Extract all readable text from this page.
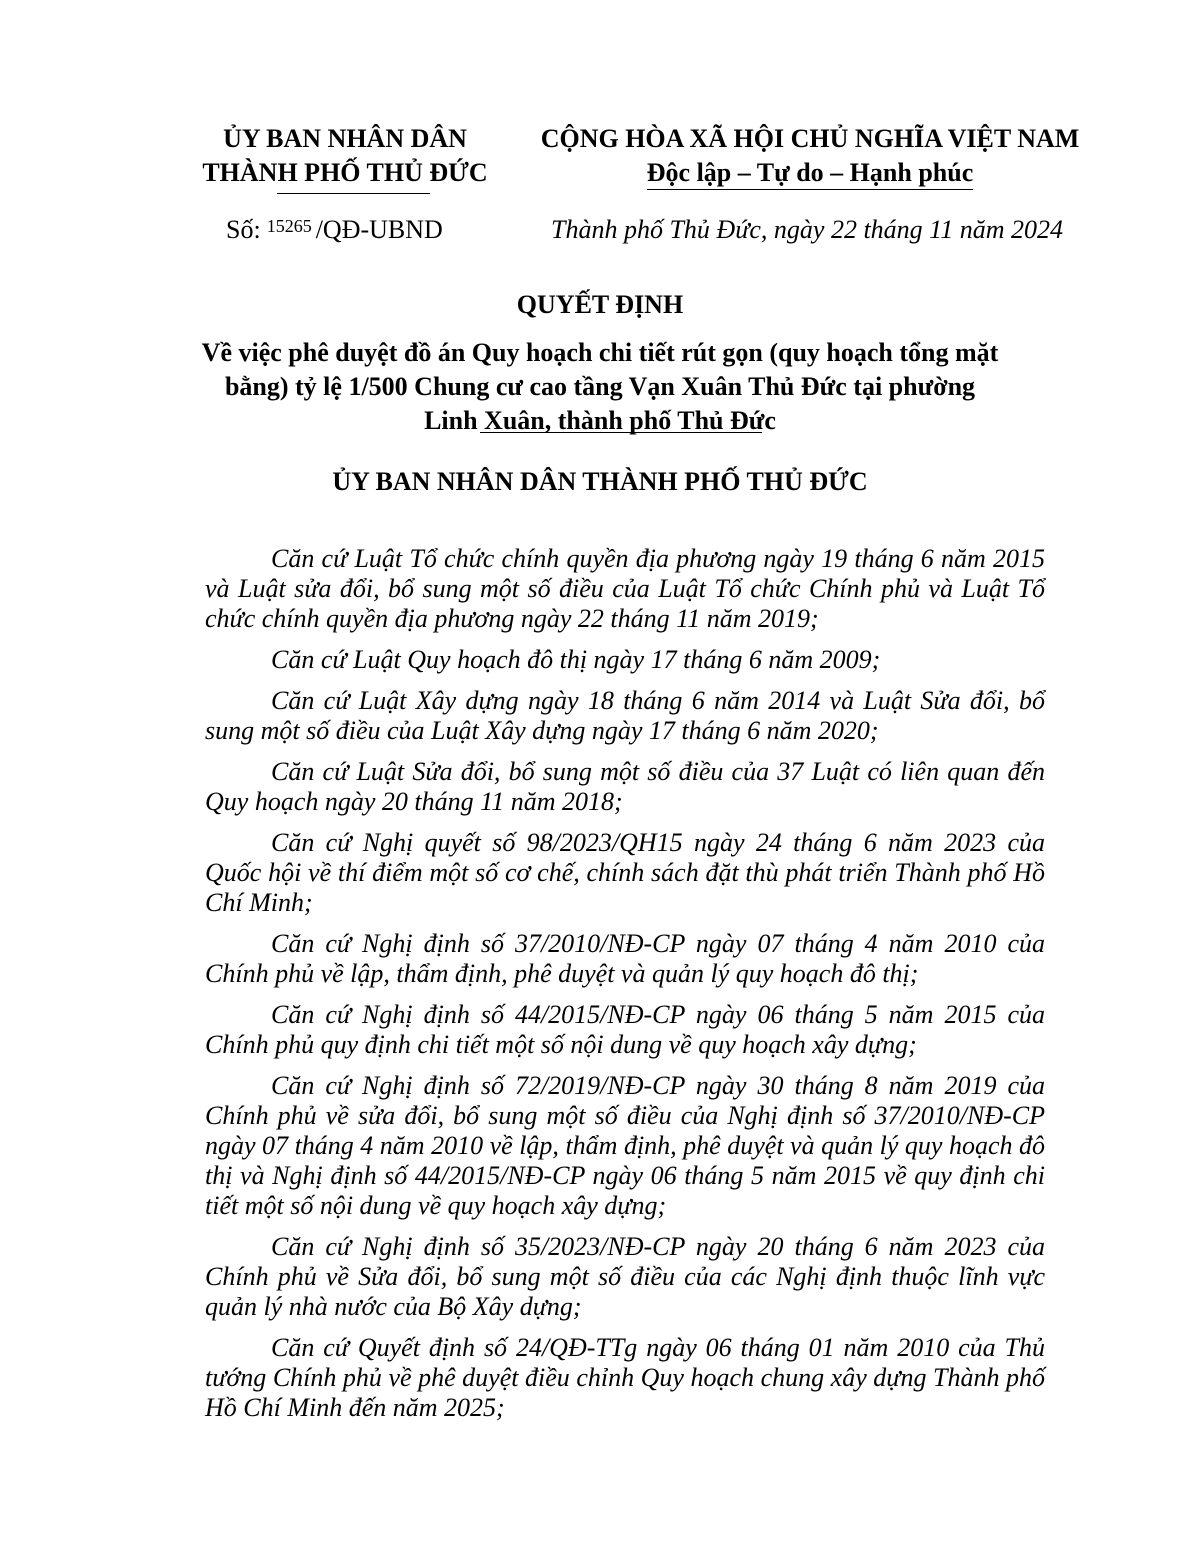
ỦY BAN NHÂN DÂN
THÀNH PHỐ THỦ ĐỨC
CỘNG HÒA XÃ HỘI CHỦ NGHĨA VIỆT NAM
Độc lập – Tự do – Hạnh phúc
Số: $^{15265}$ /QĐ-UBND	Thành phố Thủ Đức, ngày 22 tháng 11 năm 2024
QUYẾT ĐỊNH
Về việc phê duyệt đồ án Quy hoạch chi tiết rút gọn (quy hoạch tổng mặt
bằng) tỷ lệ 1/500 Chung cư cao tầng Vạn Xuân Thủ Đức tại phường
Linh Xuân, thành phố Thủ Đức
ỦY BAN NHÂN DÂN THÀNH PHỐ THỦ ĐỨC

Căn cứ Luật Tổ chức chính quyền địa phương ngày 19 tháng 6 năm 2015 và Luật sửa đổi, bổ sung một số điều của Luật Tổ chức Chính phủ và Luật Tổ chức chính quyền địa phương ngày 22 tháng 11 năm 2019;

Căn cứ Luật Quy hoạch đô thị ngày 17 tháng 6 năm 2009;

Căn cứ Luật Xây dựng ngày 18 tháng 6 năm 2014 và Luật Sửa đổi, bổ sung một số điều của Luật Xây dựng ngày 17 tháng 6 năm 2020;

Căn cứ Luật Sửa đổi, bổ sung một số điều của 37 Luật có liên quan đến Quy hoạch ngày 20 tháng 11 năm 2018;

Căn cứ Nghị quyết số 98/2023/QH15 ngày 24 tháng 6 năm 2023 của Quốc hội về thí điểm một số cơ chế, chính sách đặt thù phát triển Thành phố Hồ Chí Minh;

Căn cứ Nghị định số 37/2010/NĐ-CP ngày 07 tháng 4 năm 2010 của Chính phủ về lập, thẩm định, phê duyệt và quản lý quy hoạch đô thị;

Căn cứ Nghị định số 44/2015/NĐ-CP ngày 06 tháng 5 năm 2015 của Chính phủ quy định chi tiết một số nội dung về quy hoạch xây dựng;

Căn cứ Nghị định số 72/2019/NĐ-CP ngày 30 tháng 8 năm 2019 của Chính phủ về sửa đổi, bổ sung một số điều của Nghị định số 37/2010/NĐ-CP ngày 07 tháng 4 năm 2010 về lập, thẩm định, phê duyệt và quản lý quy hoạch đô thị và Nghị định số 44/2015/NĐ-CP ngày 06 tháng 5 năm 2015 về quy định chi tiết một số nội dung về quy hoạch xây dựng;

Căn cứ Nghị định số 35/2023/NĐ-CP ngày 20 tháng 6 năm 2023 của Chính phủ về Sửa đổi, bổ sung một số điều của các Nghị định thuộc lĩnh vực quản lý nhà nước của Bộ Xây dựng;

Căn cứ Quyết định số 24/QĐ-TTg ngày 06 tháng 01 năm 2010 của Thủ tướng Chính phủ về phê duyệt điều chỉnh Quy hoạch chung xây dựng Thành phố Hồ Chí Minh đến năm 2025;
